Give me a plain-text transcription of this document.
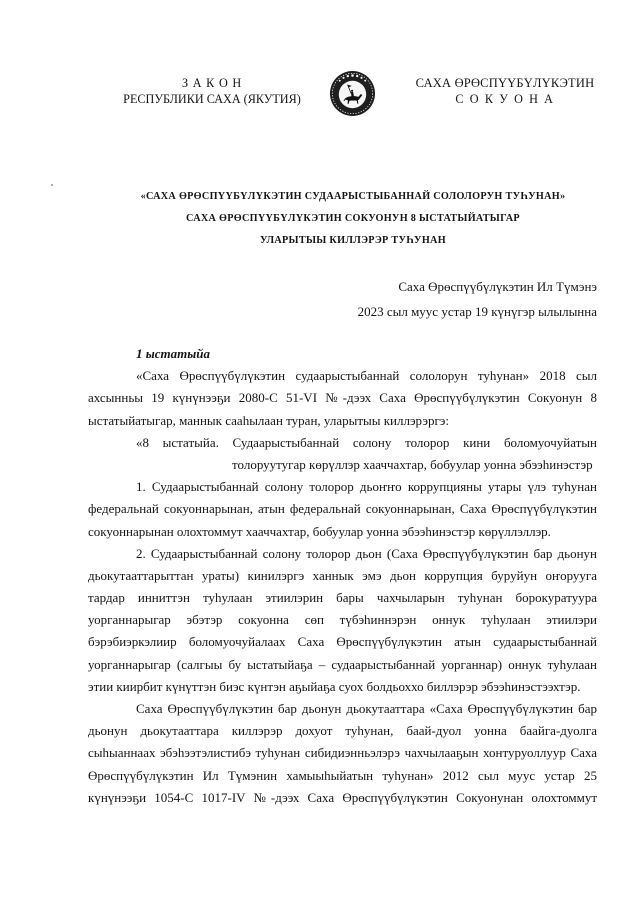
З А К О Н
РЕСПУБЛИКИ САХА (ЯКУТИЯ)
САХА ӨРӨСПҮҮБҮЛҮКЭТИН
С О К У О Н А
«САХА ӨРӨСПҮҮБҮЛҮКЭТИН СУДААРЫСТЫБАННАЙ СОЛОЛОРУН ТУҺУНАН»
САХА ӨРӨСПҮҮБҮЛҮКЭТИН СОКУОНУН 8 ЫСТАТЫЙАТЫГАР
УЛАРЫТЫЫ КИЛЛЭРЭР ТУҺУНАН
Саха Өрөспүүбүлүкэтин Ил Түмэнэ
2023 сыл муус устар 19 күнүгэр ылылынна
1 ыстатыйа
«Саха Өрөспүүбүлүкэтин судаарыстыбаннай сололорун туһунан» 2018 сыл
ахсынньы 19 күнүнээҕи 2080-С 51-VI №-дээх Саха Өрөспүүбүлүкэтин Сокуонун 8
ыстатыйатыгар, маннык сааһылаан туран, уларытыы киллэрэргэ:
«8 ыстатыйа. Судаарыстыбаннай солону толорор кини боломуочуйатын
толоруутугар көрүллэр хааччахтар, бобуулар уонна эбээһинэстэр
1. Судаарыстыбаннай солону толорор дьоҥҥо коррупцияны утары үлэ туһунан
федеральнай сокуоннарынан, атын федеральнай сокуоннарынан, Саха Өрөспүүбүлүкэтин
сокуоннарынан олохтоммут хааччахтар, бобуулар уонна эбээһинэстэр көрүллэллэр.
2. Судаарыстыбаннай солону толорор дьон (Саха Өрөспүүбүлүкэтин бар дьонун
дьокутааттарыттан ураты) кинилэргэ ханнык эмэ дьон коррупция буруйун оҥорууга
тардар инниттэн туһулаан этиилэрин бары чахчыларын туһунан борокуратуура
уорганнарыгар эбэтэр сокуонна сөп түбэһиннэрэн оннук туһулаан этиилэри
бэрэбиэркэлиир боломуочуйалаах Саха Өрөспүүбүлүкэтин атын судаарыстыбаннай
уорганнарыгар (салгыы бу ыстатыйаҕа – судаарыстыбаннай уорганнар) оннук туһулаан
этии киирбит күнүттэн биэс күнтэн аҕыйаҕа суох болдьоххо биллэрэр эбээһинэстээхтэр.
Саха Өрөспүүбүлүкэтин бар дьонун дьокутааттара «Саха Өрөспүүбүлүкэтин бар
дьонун дьокутааттара киллэрэр дохуот туһунан, баай-дуол уонна баайга-дуолга
сыһыаннаах эбэһээтэлистибэ туһунан сибидиэнньэлэрэ чахчылааҕын хонтуруоллуур Саха
Өрөспүүбүлүкэтин Ил Түмэнин хамыыһыйатын туһунан» 2012 сыл муус устар 25
күнүнээҕи 1054-С 1017-IV №-дээх Саха Өрөспүүбүлүкэтин Сокуонунан олохтоммут
